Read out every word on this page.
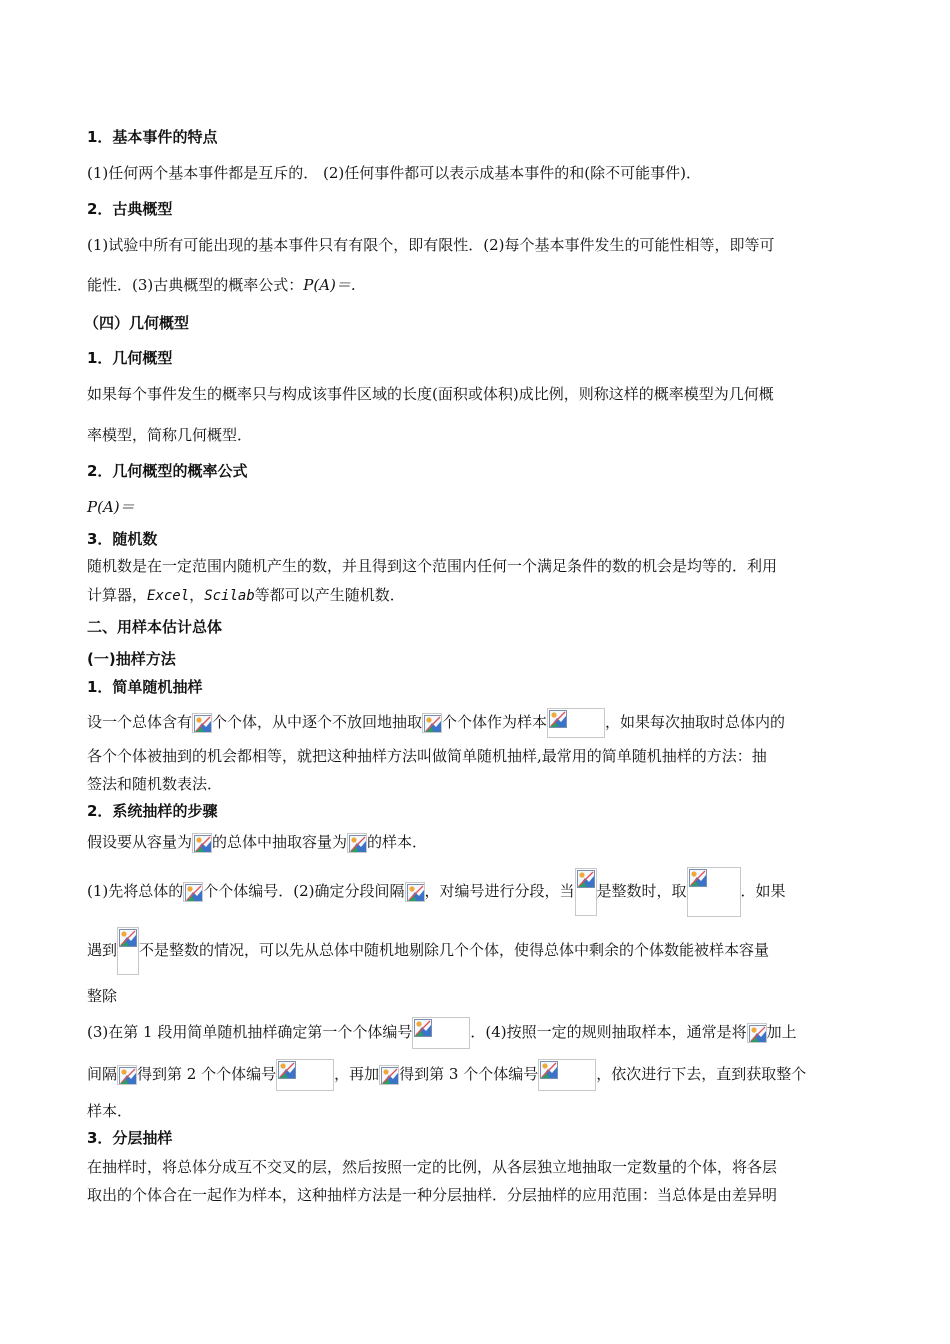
1．基本事件的特点
(1)任何两个基本事件都是互斥的． (2)任何事件都可以表示成基本事件的和(除不可能事件)．
2．古典概型
(1)试验中所有可能出现的基本事件只有有限个，即有限性．(2)每个基本事件发生的可能性相等，即等可
能性．(3)古典概型的概率公式：P(A)＝.
（四）几何概型
1．几何概型
如果每个事件发生的概率只与构成该事件区域的长度(面积或体积)成比例，则称这样的概率模型为几何概
率模型，简称几何概型．
2．几何概型的概率公式
P(A)＝
3．随机数
随机数是在一定范围内随机产生的数，并且得到这个范围内任何一个满足条件的数的机会是均等的．利用
计算器，Excel，Scilab等都可以产生随机数．
二、用样本估计总体
(一)抽样方法
1．简单随机抽样
设一个总体含有 个个体，从中逐个不放回地抽取 个个体作为样本	，如果每次抽取时总体内的
各个个体被抽到的机会都相等，就把这种抽样方法叫做简单随机抽样,最常用的简单随机抽样的方法：抽
签法和随机数表法．
2．系统抽样的步骤
假设要从容量为 的总体中抽取容量为 的样本．
(1)先将总体的 个个体编号．(2)确定分段间隔 ，对编号进行分段，当 是整数时，取	．如果
遇到 不是整数的情况，可以先从总体中随机地剔除几个个体，使得总体中剩余的个体数能被样本容量
整除
(3)在第 1 段用简单随机抽样确定第一个个体编号	．(4)按照一定的规则抽取样本，通常是将 加上
间隔 得到第 2 个个体编号	，再加 得到第 3 个个体编号	，依次进行下去，直到获取整个
样本．
3．分层抽样
在抽样时，将总体分成互不交叉的层，然后按照一定的比例，从各层独立地抽取一定数量的个体，将各层
取出的个体合在一起作为样本，这种抽样方法是一种分层抽样．分层抽样的应用范围：当总体是由差异明
